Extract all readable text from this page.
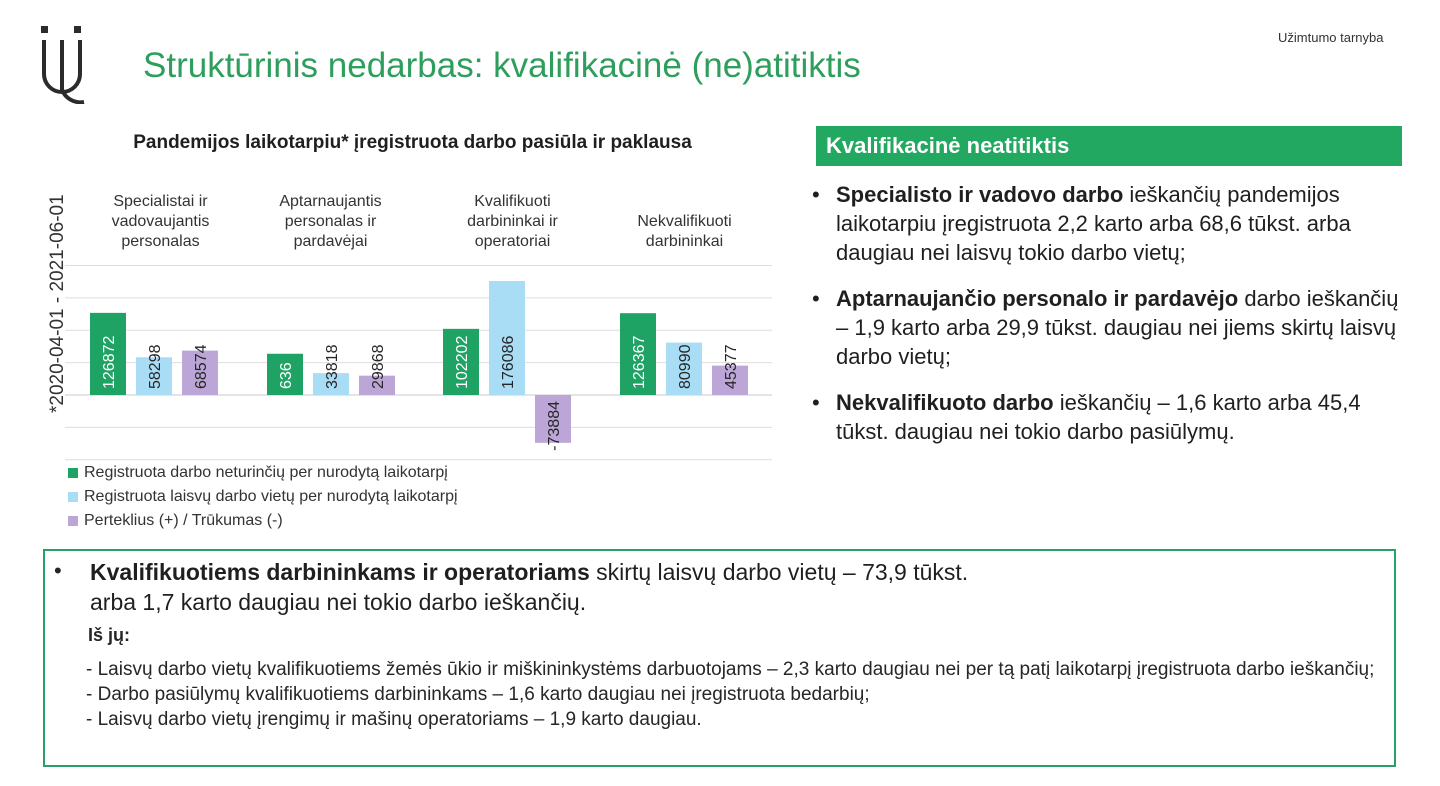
Struktūrinis nedarbas: kvalifikacinė (ne)atitiktis
Užimtumo tarnyba
Pandemijos laikotarpiu* įregistruota darbo pasiūla ir paklausa
*2020-04-01 - 2021-06-01	Specialistai ir vadovaujantis personalas
Aptarnaujantis personalas ir pardavėjai
Kvalifikuoti darbininkai ir operatoriai
Nekvalifikuoti darbininkai
126872	636	102202	126367
58298	33818	176086	80990
68574	29868
-73884
45377
Registruota darbo neturinčių per nurodytą laikotarpį
Registruota laisvų darbo vietų per nurodytą laikotarpį
Perteklius (+) / Trūkumas (-)
Kvalifikacinė neatitiktis
• Specialisto ir vadovo darbo ieškančių pandemijos laikotarpiu įregistruota 2,2 karto arba 68,6 tūkst. arba daugiau nei laisvų tokio darbo vietų;
• Aptarnaujančio personalo ir pardavėjo darbo ieškančių – 1,9 karto arba 29,9 tūkst. daugiau nei jiems skirtų laisvų darbo vietų;
• Nekvalifikuoto darbo ieškančių – 1,6 karto arba 45,4 tūkst. daugiau nei tokio darbo pasiūlymų.
• Kvalifikuotiems darbininkams ir operatoriams skirtų laisvų darbo vietų – 73,9 tūkst. arba 1,7 karto daugiau nei tokio darbo ieškančių.
Iš jų:
- Laisvų darbo vietų kvalifikuotiems žemės ūkio ir miškininkystėms darbuotojams – 2,3 karto daugiau nei per tą patį laikotarpį įregistruota darbo ieškančių;
- Darbo pasiūlymų kvalifikuotiems darbininkams – 1,6 karto daugiau nei įregistruota bedarbių;
- Laisvų darbo vietų įrengimų ir mašinų operatoriams – 1,9 karto daugiau.
